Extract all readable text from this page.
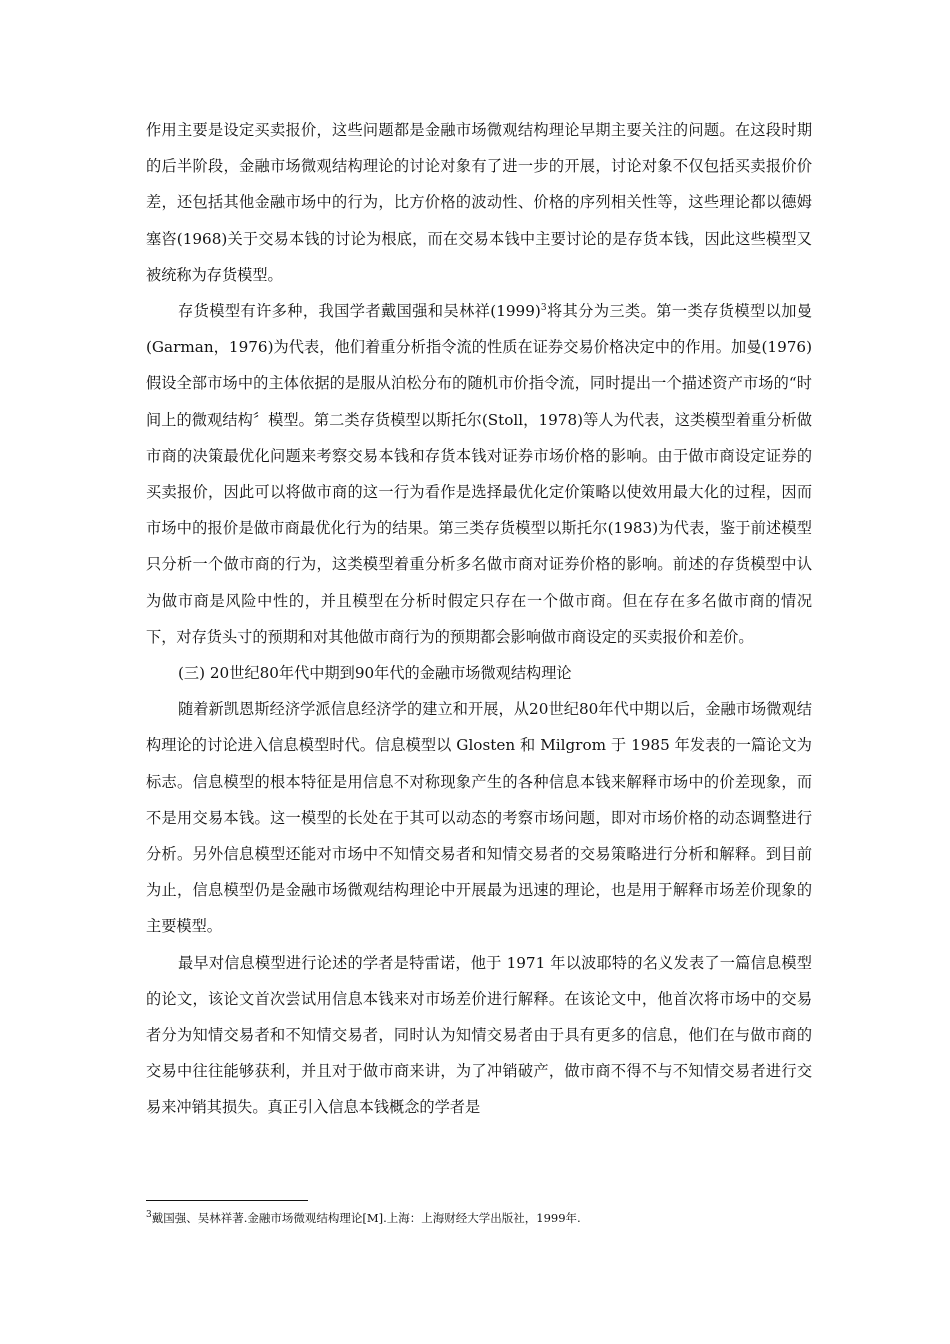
作用主要是设定买卖报价，这些问题都是金融市场微观结构理论早期主要关注的问题。在这段时期的后半阶段，金融市场微观结构理论的讨论对象有了进一步的开展，讨论对象不仅包括买卖报价价差，还包括其他金融市场中的行为，比方价格的波动性、价格的序列相关性等，这些理论都以德姆塞咨(1968)关于交易本钱的讨论为根底，而在交易本钱中主要讨论的是存货本钱，因此这些模型又被统称为存货模型。

存货模型有许多种，我国学者戴国强和吴林祥$(1999)^3$将其分为三类。第一类存货模型以加曼(Garman，1976)为代表，他们着重分析指令流的性质在证券交易价格决定中的作用。加曼(1976)假设全部市场中的主体依据的是服从泊松分布的随机市价指令流，同时提出一个描述资产市场的“时间上的微观结构〞模型。第二类存货模型以斯托尔(Stoll，1978)等人为代表，这类模型着重分析做市商的决策最优化问题来考察交易本钱和存货本钱对证券市场价格的影响。由于做市商设定证券的买卖报价，因此可以将做市商的这一行为看作是选择最优化定价策略以使效用最大化的过程，因而市场中的报价是做市商最优化行为的结果。第三类存货模型以斯托尔(1983)为代表，鉴于前述模型只分析一个做市商的行为，这类模型着重分析多名做市商对证券价格的影响。前述的存货模型中认为做市商是风险中性的，并且模型在分析时假定只存在一个做市商。但在存在多名做市商的情况下，对存货头寸的预期和对其他做市商行为的预期都会影响做市商设定的买卖报价和差价。

(三) 20世纪80年代中期到90年代的金融市场微观结构理论

随着新凯恩斯经济学派信息经济学的建立和开展，从20世纪80年代中期以后，金融市场微观结构理论的讨论进入信息模型时代。信息模型以 Glosten 和 Milgrom 于 1985 年发表的一篇论文为标志。信息模型的根本特征是用信息不对称现象产生的各种信息本钱来解释市场中的价差现象，而不是用交易本钱。这一模型的长处在于其可以动态的考察市场问题，即对市场价格的动态调整进行分析。另外信息模型还能对市场中不知情交易者和知情交易者的交易策略进行分析和解释。到目前为止，信息模型仍是金融市场微观结构理论中开展最为迅速的理论，也是用于解释市场差价现象的主要模型。

最早对信息模型进行论述的学者是特雷诺，他于 1971 年以波耶特的名义发表了一篇信息模型的论文，该论文首次尝试用信息本钱来对市场差价进行解释。在该论文中，他首次将市场中的交易者分为知情交易者和不知情交易者，同时认为知情交易者由于具有更多的信息，他们在与做市商的交易中往往能够获利，并且对于做市商来讲，为了冲销破产，做市商不得不与不知情交易者进行交易来冲销其损失。真正引入信息本钱概念的学者是

$^3$戴国强、吴林祥著.金融市场微观结构理论[M].上海：上海财经大学出版社，1999年.
